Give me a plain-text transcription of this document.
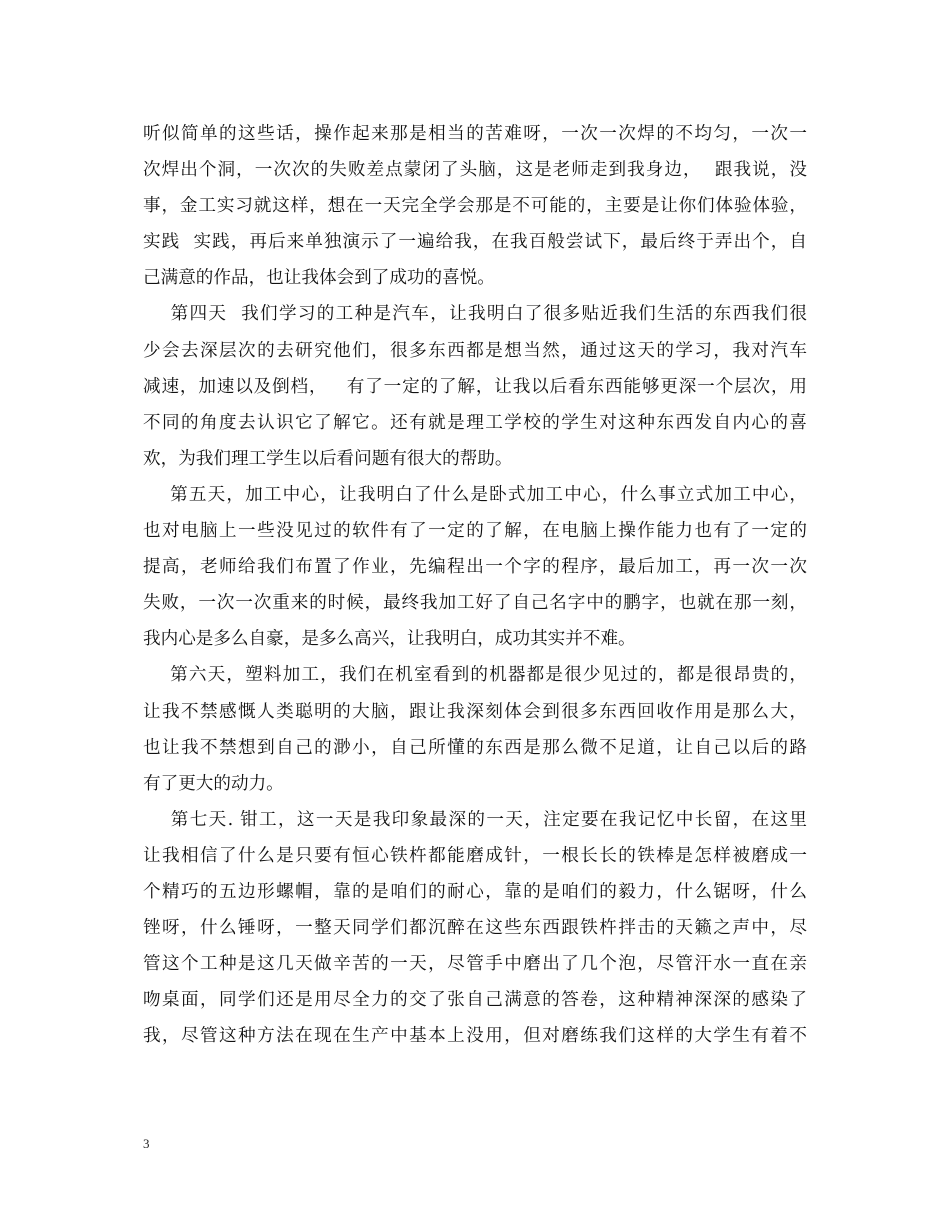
听似简单的这些话，操作起来那是相当的苦难呀，一次一次焊的不均匀，一次一
次焊出个洞，一次次的失败差点蒙闭了头脑，这是老师走到我身边，  跟我说，没
事，金工实习就这样，想在一天完全学会那是不可能的，主要是让你们体验体验，
实践  实践，再后来单独演示了一遍给我，在我百般尝试下，最后终于弄出个，自
己满意的作品，也让我体会到了成功的喜悦。
第四天  我们学习的工种是汽车，让我明白了很多贴近我们生活的东西我们很
少会去深层次的去研究他们，很多东西都是想当然，通过这天的学习，我对汽车
减速，加速以及倒档，   有了一定的了解，让我以后看东西能够更深一个层次，用
不同的角度去认识它了解它。还有就是理工学校的学生对这种东西发自内心的喜
欢，为我们理工学生以后看问题有很大的帮助。
第五天，加工中心，让我明白了什么是卧式加工中心，什么事立式加工中心，
也对电脑上一些没见过的软件有了一定的了解，在电脑上操作能力也有了一定的
提高，老师给我们布置了作业，先编程出一个字的程序，最后加工，再一次一次
失败，一次一次重来的时候，最终我加工好了自己名字中的鹏字，也就在那一刻，
我内心是多么自豪，是多么高兴，让我明白，成功其实并不难。
第六天，塑料加工，我们在机室看到的机器都是很少见过的，都是很昂贵的，
让我不禁感慨人类聪明的大脑，跟让我深刻体会到很多东西回收作用是那么大，
也让我不禁想到自己的渺小，自己所懂的东西是那么微不足道，让自己以后的路
有了更大的动力。
第七天. 钳工，这一天是我印象最深的一天，注定要在我记忆中长留，在这里
让我相信了什么是只要有恒心铁杵都能磨成针，一根长长的铁棒是怎样被磨成一
个精巧的五边形螺帽，靠的是咱们的耐心，靠的是咱们的毅力，什么锯呀，什么
锉呀，什么锤呀，一整天同学们都沉醉在这些东西跟铁杵拌击的天籁之声中，尽
管这个工种是这几天做辛苦的一天，尽管手中磨出了几个泡，尽管汗水一直在亲
吻桌面，同学们还是用尽全力的交了张自己满意的答卷，这种精神深深的感染了
我，尽管这种方法在现在生产中基本上没用，但对磨练我们这样的大学生有着不
3
